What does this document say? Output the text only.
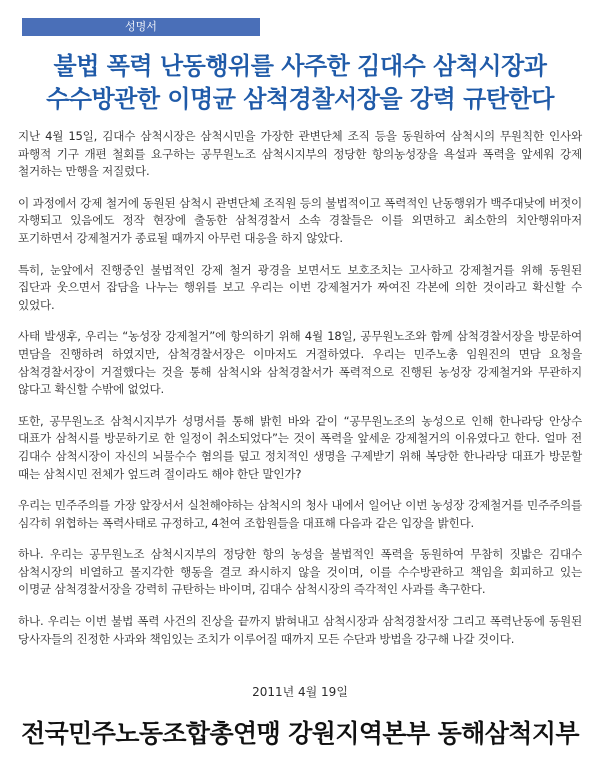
성명서
불법 폭력 난동행위를 사주한 김대수 삼척시장과
수수방관한 이명균 삼척경찰서장을 강력 규탄한다

지난 4월 15일, 김대수 삼척시장은 삼척시민을 가장한 관변단체 조직 등을 동원하여 삼척시의 무원칙한 인사와 파행적 기구 개편 철회를 요구하는 공무원노조 삼척시지부의 정당한 항의농성장을 욕설과 폭력을 앞세워 강제 철거하는 만행을 저질렀다.

이 과정에서 강제 철거에 동원된 삼척시 관변단체 조직원 등의 불법적이고 폭력적인 난동행위가 백주대낮에 버젓이 자행되고 있음에도 정작 현장에 출동한 삼척경찰서 소속 경찰들은 이를 외면하고 최소한의 치안행위마저 포기하면서 강제철거가 종료될 때까지 아무런 대응을 하지 않았다.

특히, 눈앞에서 진행중인 불법적인 강제 철거 광경을 보면서도 보호조치는 고사하고 강제철거를 위해 동원된 집단과 웃으면서 잡담을 나누는 행위를 보고 우리는 이번 강제철거가 짜여진 각본에 의한 것이라고 확신할 수 있었다.

사태 발생후, 우리는 “농성장 강제철거”에 항의하기 위해 4월 18일, 공무원노조와 함께 삼척경찰서장을 방문하여 면담을 진행하려 하였지만, 삼척경찰서장은 이마저도 거절하였다. 우리는 민주노총 임원진의 면담 요청을 삼척경찰서장이 거절했다는 것을 통해 삼척시와 삼척경찰서가 폭력적으로 진행된 농성장 강제철거와 무관하지 않다고 확신할 수밖에 없었다.

또한, 공무원노조 삼척시지부가 성명서를 통해 밝힌 바와 같이 “공무원노조의 농성으로 인해 한나라당 안상수 대표가 삼척시를 방문하기로 한 일정이 취소되었다”는 것이 폭력을 앞세운 강제철거의 이유였다고 한다. 얼마 전 김대수 삼척시장이 자신의 뇌물수수 혐의를 덮고 정치적인 생명을 구제받기 위해 복당한 한나라당 대표가 방문할 때는 삼척시민 전체가 엎드려 절이라도 해야 한단 말인가?

우리는 민주주의를 가장 앞장서서 실천해야하는 삼척시의 청사 내에서 일어난 이번 농성장 강제철거를 민주주의를 심각히 위협하는 폭력사태로 규정하고, 4천여 조합원들을 대표해 다음과 같은 입장을 밝힌다.

하나. 우리는 공무원노조 삼척시지부의 정당한 항의 농성을 불법적인 폭력을 동원하여 무참히 짓밟은 김대수 삼척시장의 비열하고 몰지각한 행동을 결코 좌시하지 않을 것이며, 이를 수수방관하고 책임을 회피하고 있는 이명균 삼척경찰서장을 강력히 규탄하는 바이며, 김대수 삼척시장의 즉각적인 사과를 촉구한다.

하나. 우리는 이번 불법 폭력 사건의 진상을 끝까지 밝혀내고 삼척시장과 삼척경찰서장 그리고 폭력난동에 동원된 당사자들의 진정한 사과와 책임있는 조치가 이루어질 때까지 모든 수단과 방법을 강구해 나갈 것이다.

2011년 4월 19일
전국민주노동조합총연맹 강원지역본부 동해삼척지부
